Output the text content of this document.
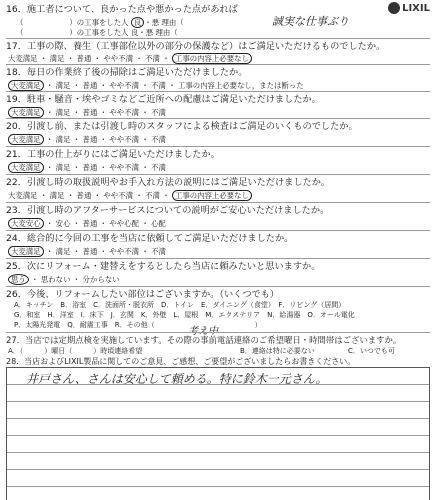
LIXIL
16．施工者について、良かった点や悪かった点があれば
（	）の工事をした人 良 ・悪 理由（	誠実な仕事ぶり
（	）の工事をした人 良・悪 理由（
17．工事の際、養生（工事部位以外の部分の保護など）はご満足いただけるものでしたか。
大変満足 ・ 満足 ・ 普通 ・ やや不満 ・ 不満 ・ 工事の内容上必要なし
18．毎日の作業終了後の掃除はご満足いただけましたか。
大変満足 ・ 満足 ・ 普通 ・ やや不満 ・ 不満 ・ 工事の内容上必要なし，または断った
19．駐車・騒音・埃やゴミなどご近所への配慮はご満足いただけましたか。
大変満足 ・ 満足 ・ 普通 ・ やや不満 ・ 不満
20．引渡し前、または引渡し時のスタッフによる検査はご満足のいくものでしたか。
大変満足 ・ 満足 ・ 普通 ・ やや不満 ・ 不満
21．工事の仕上がりにはご満足いただけましたか。
大変満足 ・ 満足 ・ 普通 ・ やや不満 ・ 不満
22．引渡し時の取扱説明やお手入れ方法の説明にはご満足いただけましたか。
大変満足 ・ 満足 ・ 普通 ・ やや不満 ・ 不満 ・ 工事の内容上必要なし
23．引渡し時のアフターサービスについての説明がご安心いただけましたか。
大変安心 ・ 安心 ・ 普通 ・ やや心配 ・ 心配
24．総合的に今回の工事を当店に依頼してご満足いただけましたか。
大変満足 ・ 満足 ・ 普通 ・ やや不満 ・ 不満
25．次にリフォーム・建替えをするとしたら当店に頼みたいと思いますか。
思う ・ 思わない ・ 分からない
26．今後、リフォームしたい部位はございますか。（いくつでも）
A．キッチン　B．浴室　C．洗面所・脱衣所　D．トイレ　E．ダイニング（食堂）　F．リビング（居間）
G．和室　H．洋室　I．床下　J．玄関　K．外壁　L．屋根　M．エクステリア　N．給湯器　O．オール電化
P．太陽光発電　Q．耐震工事　R．その他（	）
27．当店では定期点検を実施しています。その際の事前電話連絡のご希望曜日・時間帯はございますか。
A．（　　　）曜日（　　　）時頃連絡希望	B．連絡は特に必要ない	C．いつでも可
28．当店およびLIXIL製品に関してのご意見、ご感想、ご要望がございましたらお書きください。
井戸さん、さんは安心して頼める。特に鈴木一元さん。
